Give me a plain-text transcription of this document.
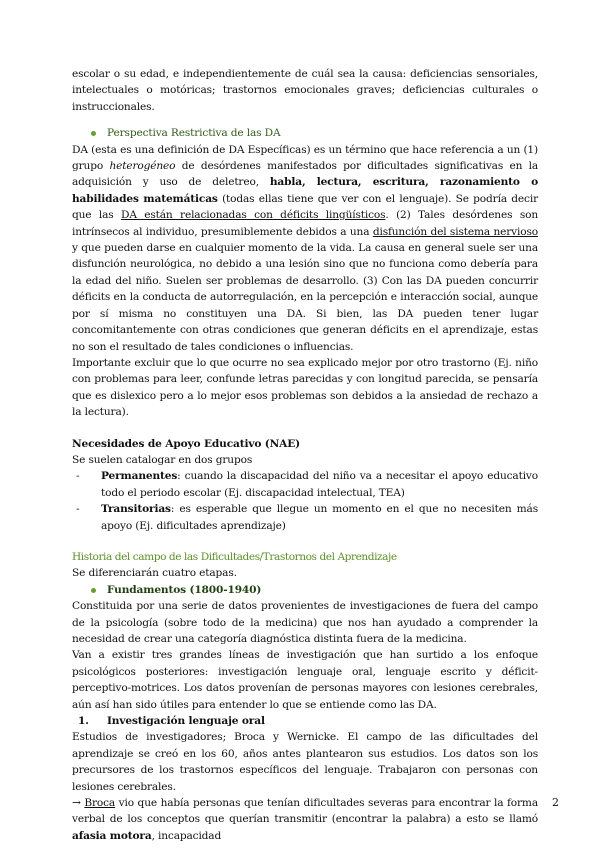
escolar o su edad, e independientemente de cuál sea la causa: deficiencias sensoriales, intelectuales o motóricas; trastornos emocionales graves; deficiencias culturales o instruccionales.

Perspectiva Restrictiva de las DA

DA (esta es una definición de DA Específicas) es un término que hace referencia a un (1) grupo heterogéneo de desórdenes manifestados por dificultades significativas en la adquisición y uso de deletreo, habla, lectura, escritura, razonamiento o habilidades matemáticas (todas ellas tiene que ver con el lenguaje). Se podría decir que las DA están relacionadas con déficits lingüísticos. (2) Tales desórdenes son intrínsecos al individuo, presumiblemente debidos a una disfunción del sistema nervioso y que pueden darse en cualquier momento de la vida. La causa en general suele ser una disfunción neurológica, no debido a una lesión sino que no funciona como debería para la edad del niño. Suelen ser problemas de desarrollo. (3) Con las DA pueden concurrir déficits en la conducta de autorregulación, en la percepción e interacción social, aunque por sí misma no constituyen una DA. Si bien, las DA pueden tener lugar concomitantemente con otras condiciones que generan déficits en el aprendizaje, estas no son el resultado de tales condiciones o influencias.

Importante excluir que lo que ocurre no sea explicado mejor por otro trastorno (Ej. niño con problemas para leer, confunde letras parecidas y con longitud parecida, se pensaría que es dislexico pero a lo mejor esos problemas son debidos a la ansiedad de rechazo a la lectura).

Necesidades de Apoyo Educativo (NAE)

Se suelen catalogar en dos grupos

- Permanentes: cuando la discapacidad del niño va a necesitar el apoyo educativo todo el periodo escolar (Ej. discapacidad intelectual, TEA)
- Transitorias: es esperable que llegue un momento en el que no necesiten más apoyo (Ej. dificultades aprendizaje)

Historia del campo de las Dificultades/Trastornos del Aprendizaje

Se diferenciarán cuatro etapas.

Fundamentos (1800-1940)

Constituida por una serie de datos provenientes de investigaciones de fuera del campo de la psicología (sobre todo de la medicina) que nos han ayudado a comprender la necesidad de crear una categoría diagnóstica distinta fuera de la medicina.

Van a existir tres grandes líneas de investigación que han surtido a los enfoque psicológicos posteriores: investigación lenguaje oral, lenguaje escrito y déficit-perceptivo-motrices. Los datos provenían de personas mayores con lesiones cerebrales, aún así han sido útiles para entender lo que se entiende como las DA.

1. Investigación lenguaje oral

Estudios de investigadores; Broca y Wernicke. El campo de las dificultades del aprendizaje se creó en los 60, años antes plantearon sus estudios. Los datos son los precursores de los trastornos específicos del lenguaje. Trabajaron con personas con lesiones cerebrales.

→ Broca vio que había personas que tenían dificultades severas para encontrar la forma verbal de los conceptos que querían transmitir (encontrar la palabra) a esto se llamó afasia motora, incapacidad

2
